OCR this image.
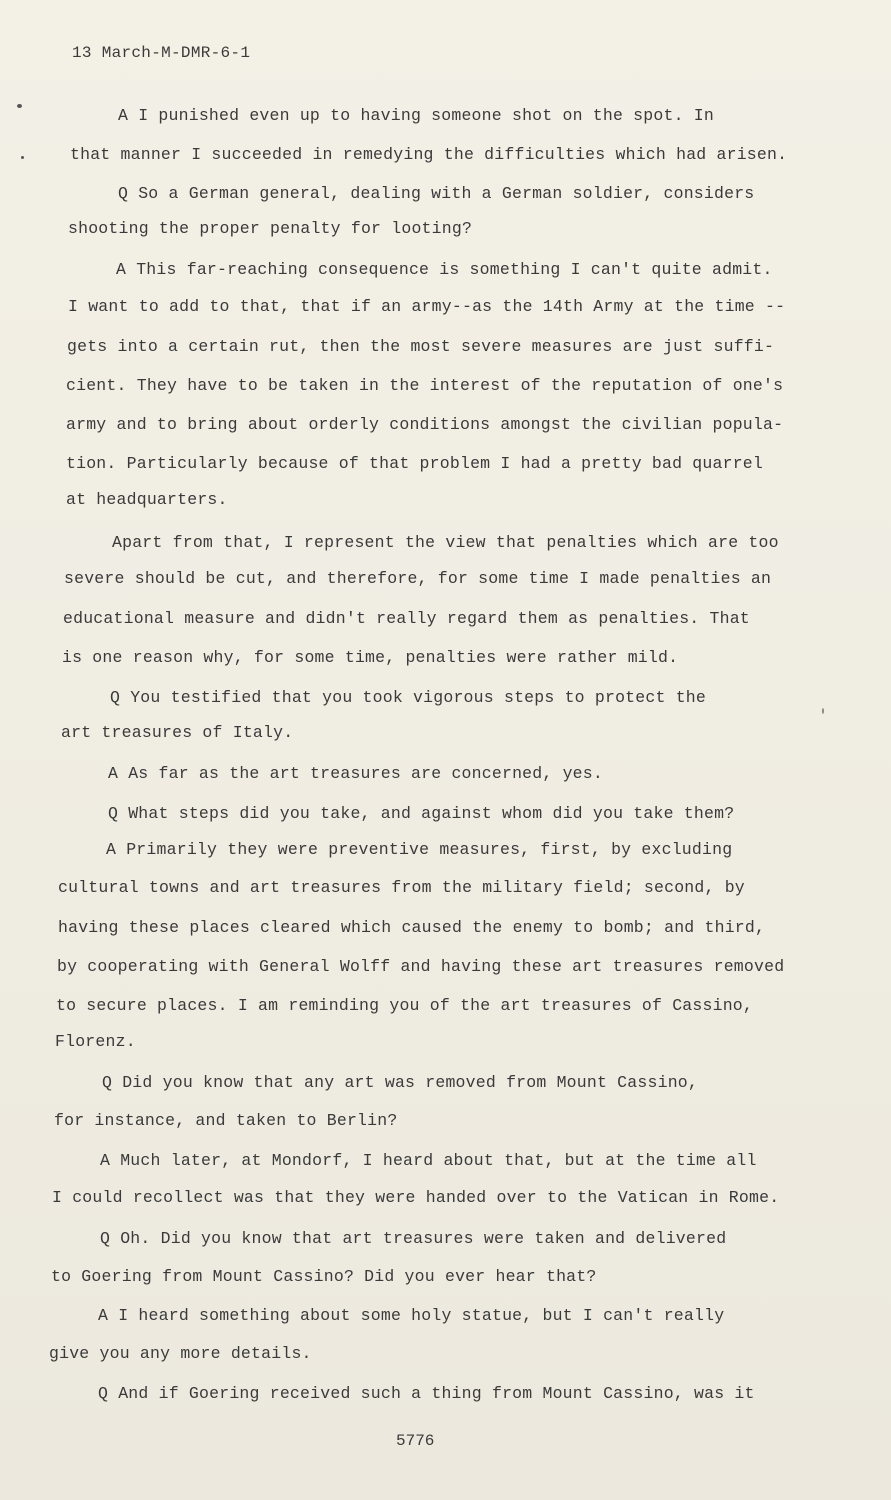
13 March-M-DMR-6-1
A I punished even up to having someone shot on the spot. In
that manner I succeeded in remedying the difficulties which had arisen.
Q So a German general, dealing with a German soldier, considers
shooting the proper penalty for looting?
A This far-reaching consequence is something I can't quite admit.
I want to add to that, that if an army--as the 14th Army at the time --
gets into a certain rut, then the most severe measures are just suffi-
cient. They have to be taken in the interest of the reputation of one's
army and to bring about orderly conditions amongst the civilian popula-
tion. Particularly because of that problem I had a pretty bad quarrel
at headquarters.
Apart from that, I represent the view that penalties which are too
severe should be cut, and therefore, for some time I made penalties an
educational measure and didn't really regard them as penalties. That
is one reason why, for some time, penalties were rather mild.
Q You testified that you took vigorous steps to protect the
art treasures of Italy.
A As far as the art treasures are concerned, yes.
Q What steps did you take, and against whom did you take them?
A Primarily they were preventive measures, first, by excluding
cultural towns and art treasures from the military field; second, by
having these places cleared which caused the enemy to bomb; and third,
by cooperating with General Wolff and having these art treasures removed
to secure places. I am reminding you of the art treasures of Cassino,
Florenz.
Q Did you know that any art was removed from Mount Cassino,
for instance, and taken to Berlin?
A Much later, at Mondorf, I heard about that, but at the time all
I could recollect was that they were handed over to the Vatican in Rome.
Q Oh. Did you know that art treasures were taken and delivered
to Goering from Mount Cassino? Did you ever hear that?
A I heard something about some holy statue, but I can't really
give you any more details.
Q And if Goering received such a thing from Mount Cassino, was it
5776
